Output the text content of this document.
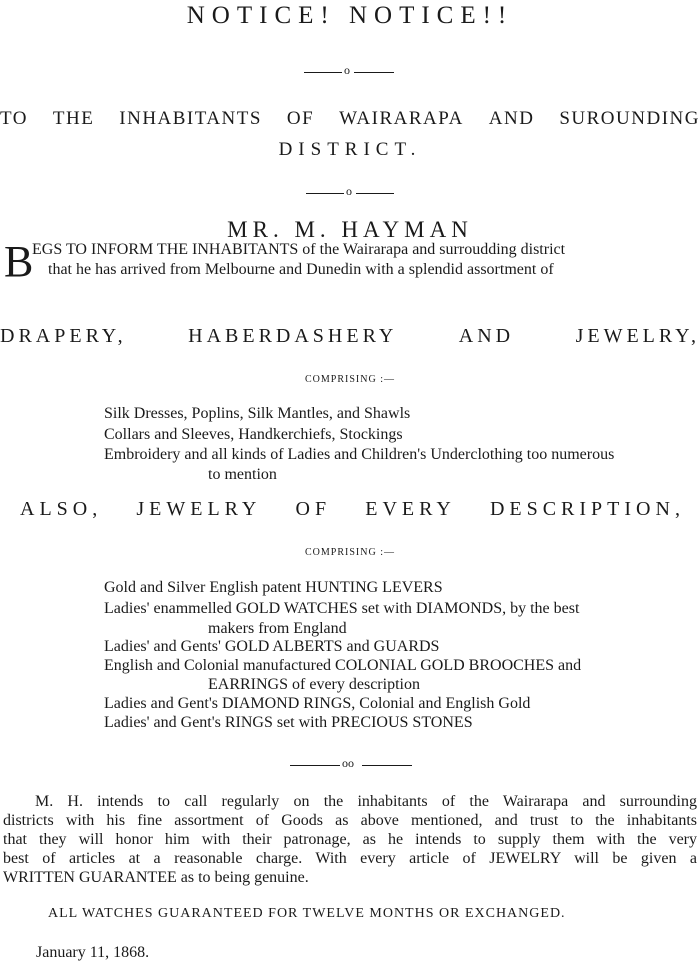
NOTICE! NOTICE!!
o
TO THE INHABITANTS OF WAIRARAPA AND SUROUNDING
DISTRICT.
o
MR. M. HAYMAN
B
EGS TO INFORM THE INHABITANTS of the Wairarapa and surroudding district
that he has arrived from Melbourne and Dunedin with a splendid assortment of
DRAPERY,	HABERDASHERY	AND	JEWELRY,
COMPRISING :—
Silk Dresses, Poplins, Silk Mantles, and Shawls
Collars and Sleeves, Handkerchiefs, Stockings
Embroidery and all kinds of Ladies and Children's Underclothing too numerous
to mention
ALSO, JEWELRY OF EVERY DESCRIPTION,
COMPRISING :—
Gold and Silver English patent HUNTING LEVERS
Ladies' enammelled GOLD WATCHES set with DIAMONDS, by the best
makers from England
Ladies' and Gents' GOLD ALBERTS and GUARDS
English and Colonial manufactured COLONIAL GOLD BROOCHES and
EARRINGS of every description
Ladies and Gent's DIAMOND RINGS, Colonial and English Gold
Ladies' and Gent's RINGS set with PRECIOUS STONES
oo
M. H. intends to call regularly on the inhabitants of the Wairarapa and surrounding
districts with his fine assortment of Goods as above mentioned, and trust to the inhabitants
that they will honor him with their patronage, as he intends to supply them with the very
best of articles at a reasonable charge. With every article of JEWELRY will be given a
WRITTEN GUARANTEE as to being genuine.
ALL WATCHES GUARANTEED FOR TWELVE MONTHS OR EXCHANGED.
January 11, 1868.
